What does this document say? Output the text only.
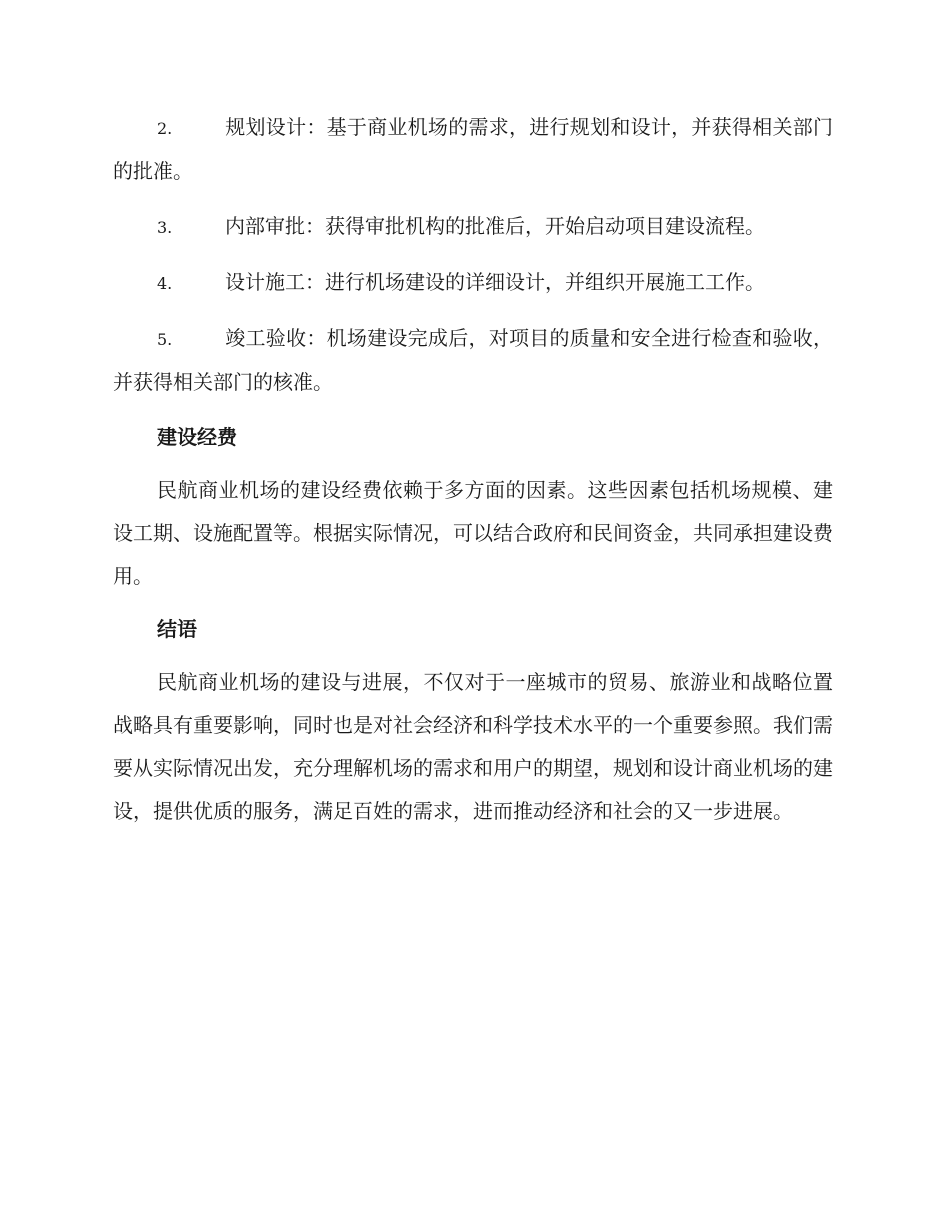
2.	规划设计：基于商业机场的需求，进行规划和设计，并获得相关部门的批准。
3.	内部审批：获得审批机构的批准后，开始启动项目建设流程。
4.	设计施工：进行机场建设的详细设计，并组织开展施工工作。
5.	竣工验收：机场建设完成后，对项目的质量和安全进行检查和验收，并获得相关部门的核准。
建设经费

民航商业机场的建设经费依赖于多方面的因素。这些因素包括机场规模、建设工期、设施配置等。根据实际情况，可以结合政府和民间资金，共同承担建设费用。

结语

民航商业机场的建设与进展，不仅对于一座城市的贸易、旅游业和战略位置战略具有重要影响，同时也是对社会经济和科学技术水平的一个重要参照。我们需要从实际情况出发，充分理解机场的需求和用户的期望，规划和设计商业机场的建设，提供优质的服务，满足百姓的需求，进而推动经济和社会的又一步进展。
